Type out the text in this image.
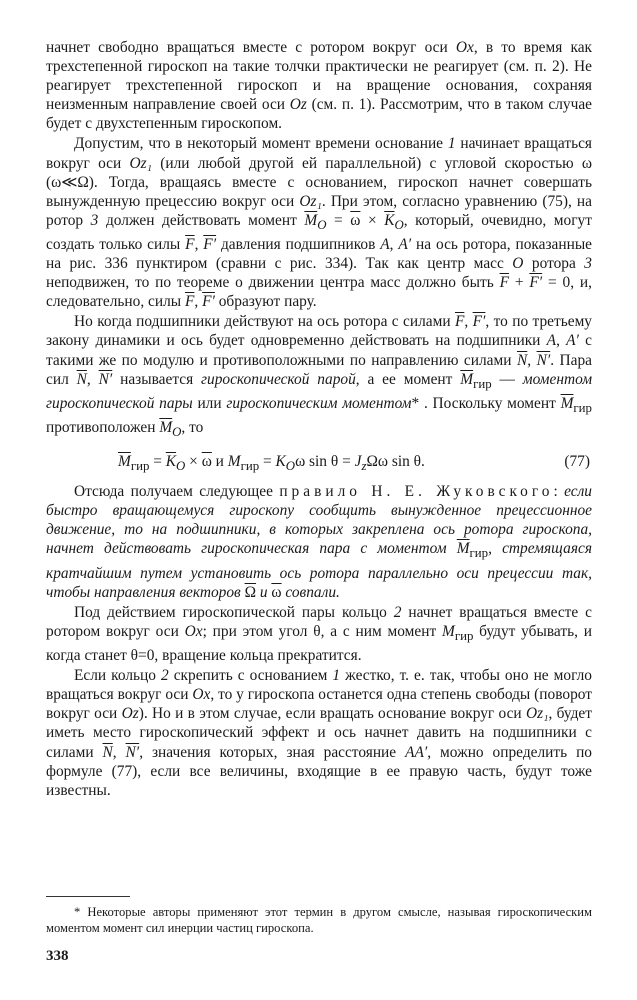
начнет свободно вращаться вместе с ротором вокруг оси Ox, в то время как трехстепенной гироскоп на такие толчки практически не реагирует (см. п. 2). Не реагирует трехстепенной гироскоп и на вращение основания, сохраняя неизменным направление своей оси Oz (см. п. 1). Рассмотрим, что в таком случае будет с двухстепенным гироскопом.

Допустим, что в некоторый момент времени основание 1 начинает вращаться вокруг оси Oz₁ (или любой другой ей параллельной) с угловой скоростью ω (ω≪Ω). Тогда, вращаясь вместе с основанием, гироскоп начнет совершать вынужденную прецессию вокруг оси Oz₁. При этом, согласно уравнению (75), на ротор 3 должен действовать момент $\overline{M}_O = \overline{\omega} \times \overline{K}_O$, который, очевидно, могут создать только силы $\overline{F}$, F′ давления подшипников A, A′ на ось ротора, показанные на рис. 336 пунктиром (сравни с рис. 334). Так как центр масс O ротора 3 неподвижен, то по теореме о движении центра масс должно быть $\overline{F} + F' = 0$, и, следовательно, силы $\overline{F}$, F′ образуют пару.

Но когда подшипники действуют на ось ротора с силами $\overline{F}$, F′, то по третьему закону динамики и ось будет одновременно действовать на подшипники A, A′ с такими же по модулю и противоположными по направлению силами $\overline{N}$, N′. Пара сил $\overline{N}$, N′ называется гироскопической парой, а ее момент $\overline{M}_{гир}$ — моментом гироскопической пары или гироскопическим моментом* . Поскольку момент $\overline{M}_{гир}$ противоположен $\overline{M}_O$, то

$\overline{M}_{гир} = \overline{K}_O \times \overline{\omega}$ и $M_{гир} = K_O\omega$ $\sin \theta = J_z\Omega\omega$ sin θ.	(77)

Отсюда получаем следующее правило Н. Е. Жуковского: если быстро вращающемуся гироскопу сообщить вынужденное прецессионное движение, то на подшипники, в которых закреплена ось ротора гироскопа, начнет действовать гироскопическая пара с моментом $\overline{M}_{гир}$, стремящаяся кратчайшим путем установить ось ротора параллельно оси прецессии так, чтобы направления векторов $\overline{\Omega}$ и $\overline{\omega}$ совпали.

Под действием гироскопической пары кольцо 2 начнет вращаться вместе с ротором вокруг оси Ox; при этом угол θ, а с ним момент $M_{гир}$ будут убывать, и когда станет θ=0, вращение кольца прекратится.

Если кольцо 2 скрепить с основанием 1 жестко, т. е. так, чтобы оно не могло вращаться вокруг оси Ox, то у гироскопа останется одна степень свободы (поворот вокруг оси Oz). Но и в этом случае, если вращать основание вокруг оси Oz₁, будет иметь место гироскопический эффект и ось начнет давить на подшипники с силами $\overline{N}$, N′, значения которых, зная расстояние AA′, можно определить по формуле (77), если все величины, входящие в ее правую часть, будут тоже известны.

* Некоторые авторы применяют этот термин в другом смысле, называя гироскопическим моментом момент сил инерции частиц гироскопа.
338
